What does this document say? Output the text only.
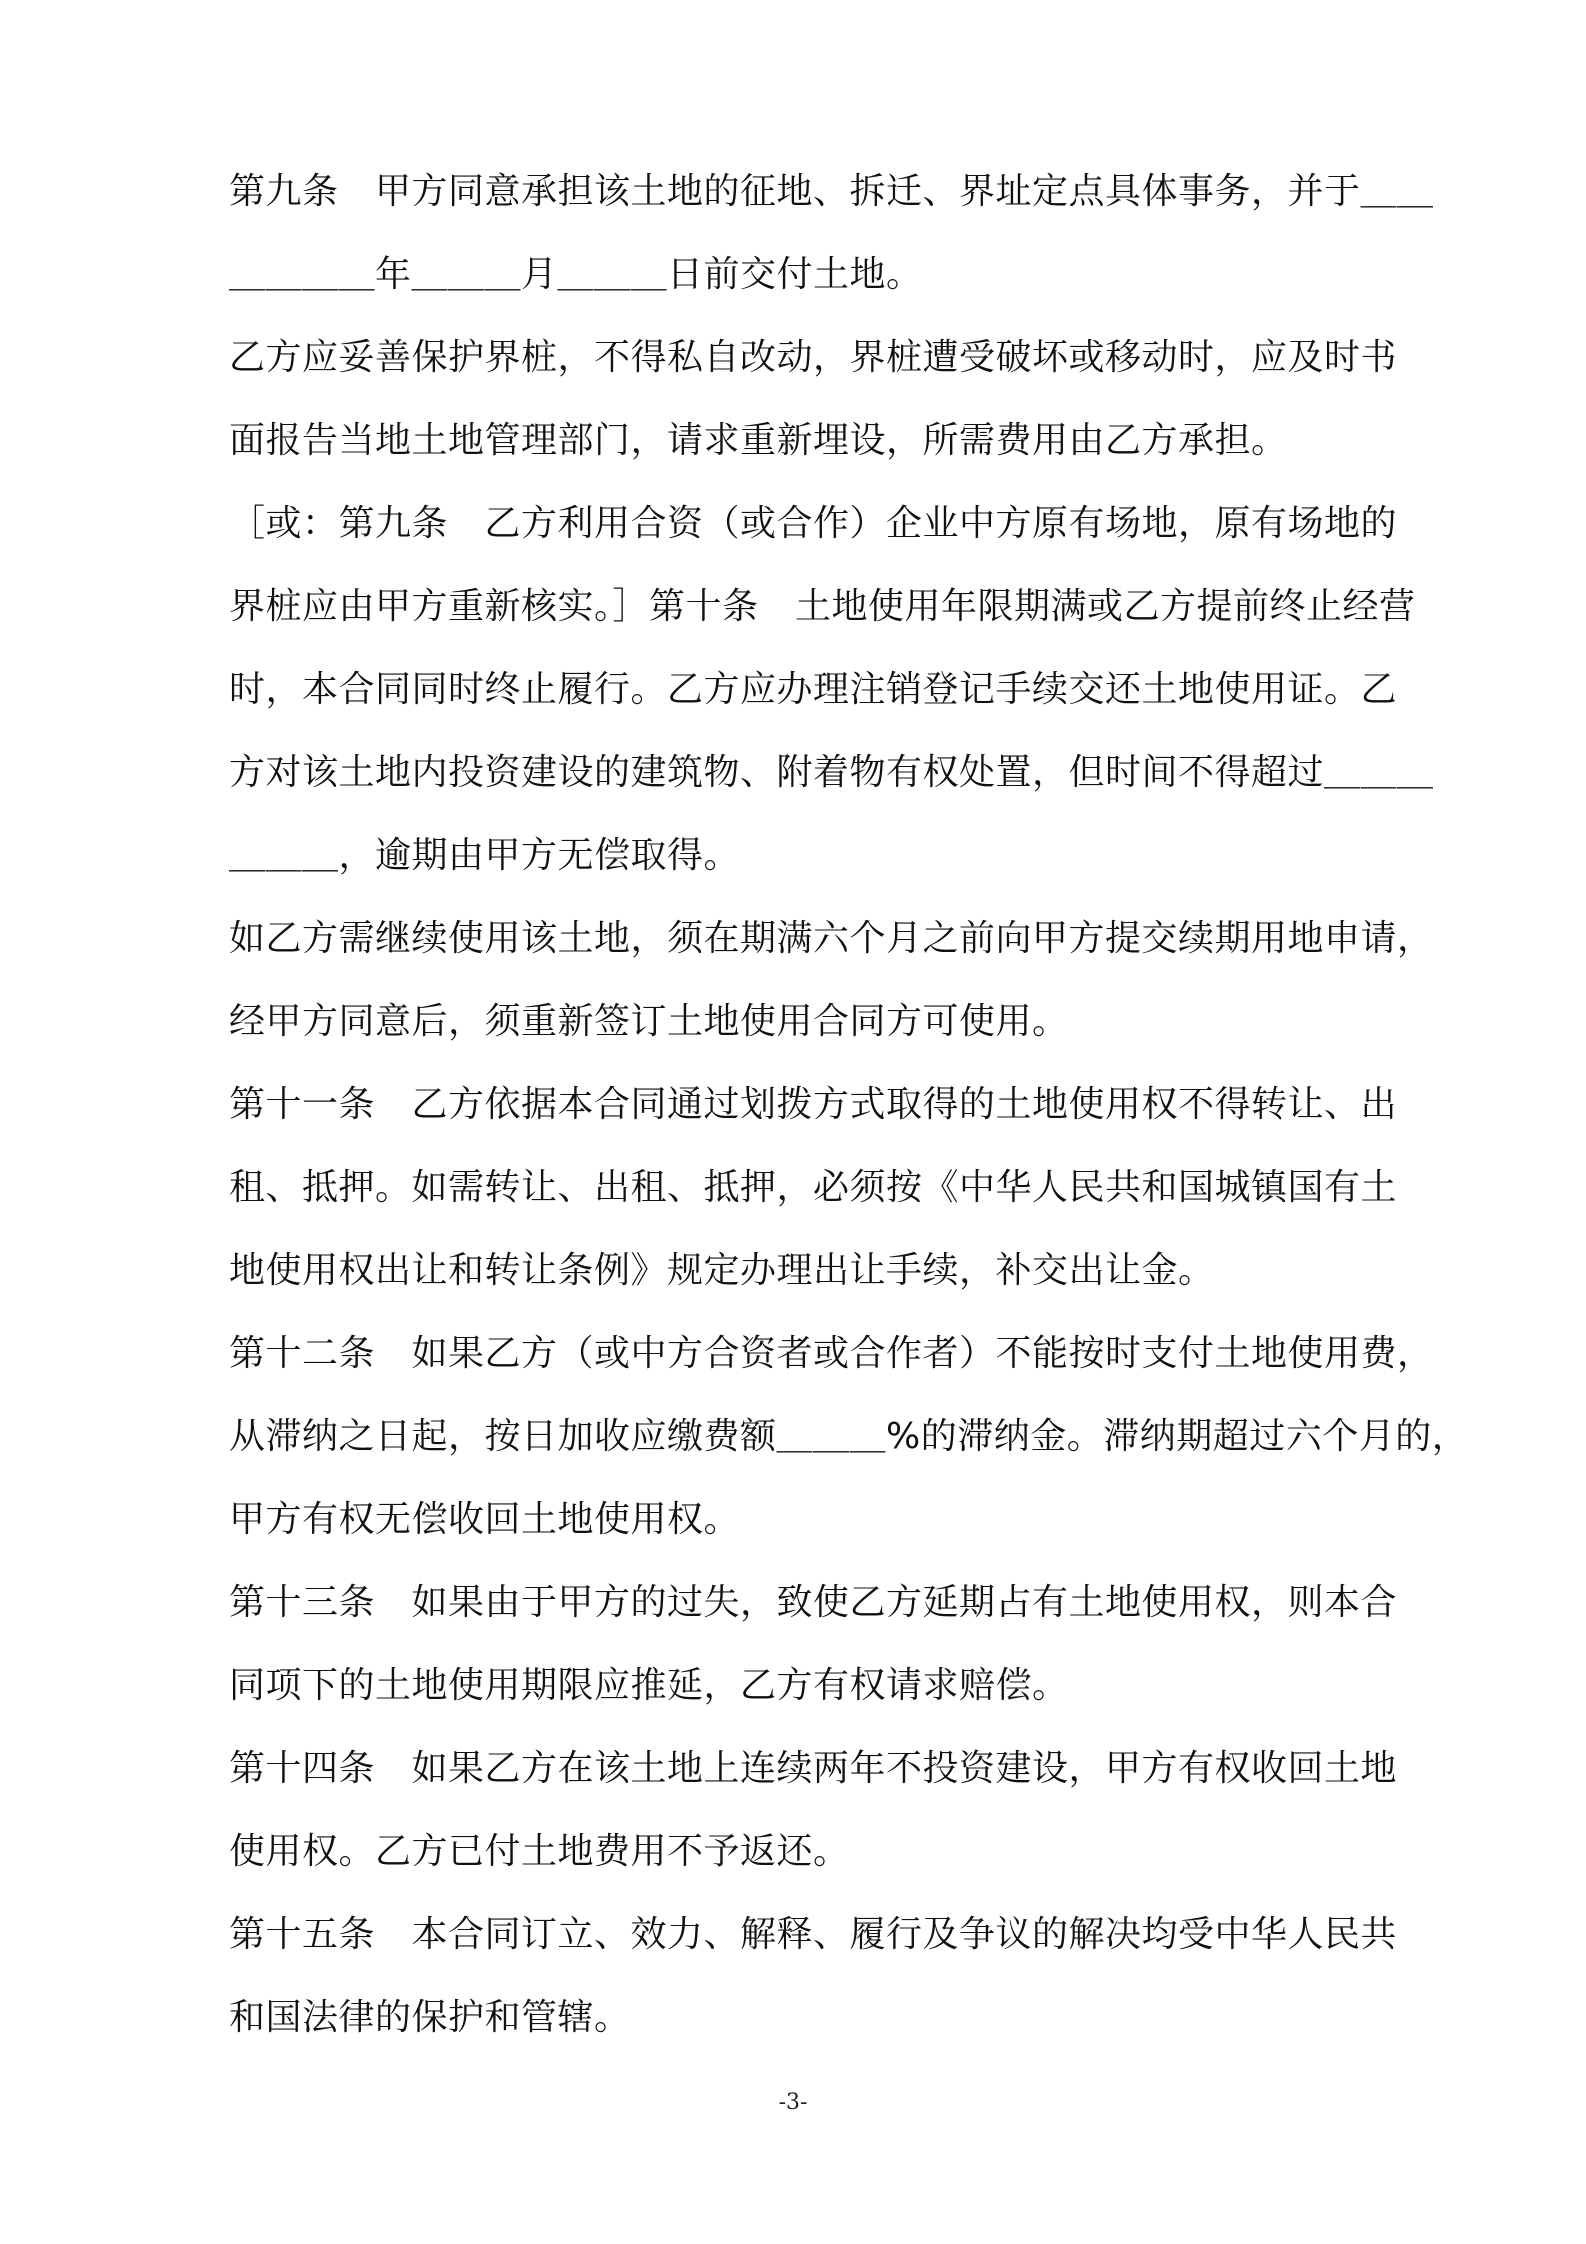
第九条　甲方同意承担该土地的征地、拆迁、界址定点具体事务，并于＿＿
＿＿＿＿年＿＿＿月＿＿＿日前交付土地。
乙方应妥善保护界桩，不得私自改动，界桩遭受破坏或移动时，应及时书
面报告当地土地管理部门，请求重新埋设，所需费用由乙方承担。
［或：第九条　乙方利用合资（或合作）企业中方原有场地，原有场地的
界桩应由甲方重新核实。］第十条　土地使用年限期满或乙方提前终止经营
时，本合同同时终止履行。乙方应办理注销登记手续交还土地使用证。乙
方对该土地内投资建设的建筑物、附着物有权处置，但时间不得超过＿＿＿
＿＿＿，逾期由甲方无偿取得。
如乙方需继续使用该土地，须在期满六个月之前向甲方提交续期用地申请，
经甲方同意后，须重新签订土地使用合同方可使用。
第十一条　乙方依据本合同通过划拨方式取得的土地使用权不得转让、出
租、抵押。如需转让、出租、抵押，必须按《中华人民共和国城镇国有土
地使用权出让和转让条例》规定办理出让手续，补交出让金。
第十二条　如果乙方（或中方合资者或合作者）不能按时支付土地使用费，
从滞纳之日起，按日加收应缴费额＿＿＿%的滞纳金。滞纳期超过六个月的，
甲方有权无偿收回土地使用权。
第十三条　如果由于甲方的过失，致使乙方延期占有土地使用权，则本合
同项下的土地使用期限应推延，乙方有权请求赔偿。
第十四条　如果乙方在该土地上连续两年不投资建设，甲方有权收回土地
使用权。乙方已付土地费用不予返还。
第十五条　本合同订立、效力、解释、履行及争议的解决均受中华人民共
和国法律的保护和管辖。
-3-
